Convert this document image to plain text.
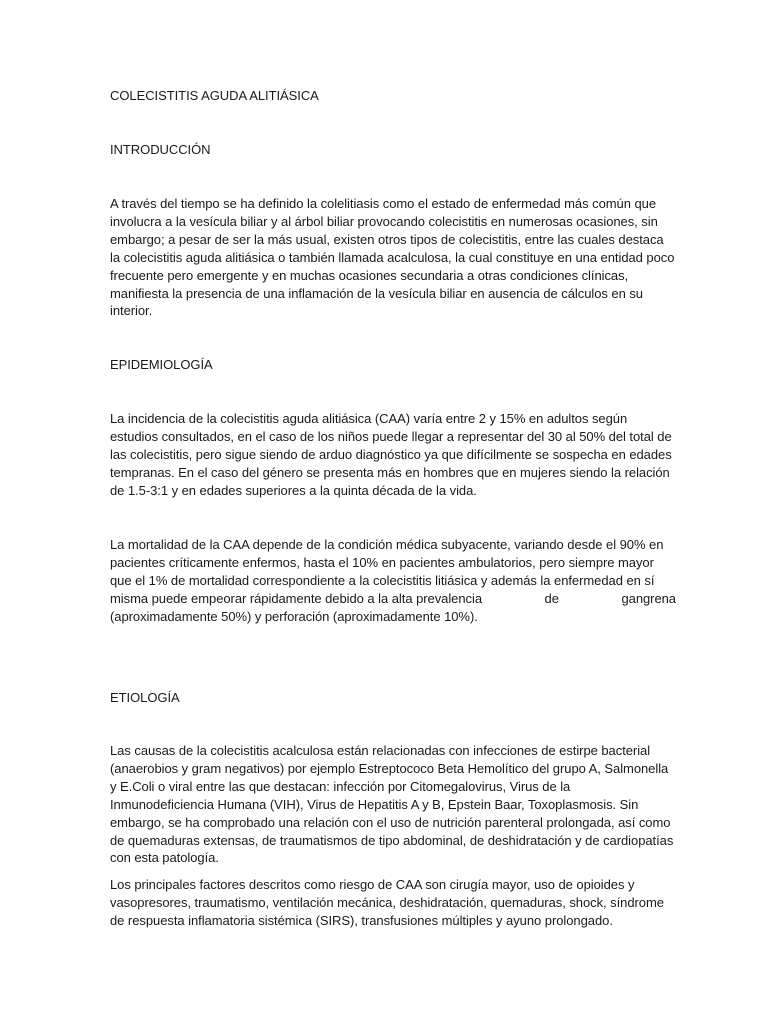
COLECISTITIS AGUDA ALITIÁSICA

INTRODUCCIÓN

A través del tiempo se ha definido la colelitiasis como el estado de enfermedad más común que involucra a la vesícula biliar y al árbol biliar provocando colecistitis en numerosas ocasiones, sin embargo; a pesar de ser la más usual, existen otros tipos de colecistitis, entre las cuales destaca la colecistitis aguda alitiásica o también llamada acalculosa, la cual constituye en una entidad poco frecuente pero emergente y en muchas ocasiones secundaria a otras condiciones clínicas, manifiesta la presencia de una inflamación de la vesícula biliar en ausencia de cálculos en su interior.

EPIDEMIOLOGÍA

La incidencia de la colecistitis aguda alitiásica (CAA) varía entre 2 y 15% en adultos según estudios consultados, en el caso de los niños puede llegar a representar del 30 al 50% del total de las colecistitis, pero sigue siendo de arduo diagnóstico ya que difícilmente se sospecha en edades tempranas. En el caso del género se presenta más en hombres que en mujeres siendo la relación de 1.5-3:1 y en edades superiores a la quinta década de la vida.

La mortalidad de la CAA depende de la condición médica subyacente, variando desde el 90% en
pacientes críticamente enfermos, hasta el 10% en pacientes ambulatorios, pero siempre mayor
que el 1% de mortalidad correspondiente a la colecistitis litiásica y además la enfermedad en sí
misma puede empeorar rápidamente debido a la alta prevalencia	de	gangrena
(aproximadamente 50%) y perforación (aproximadamente 10%).

ETIOLOGÍA

Las causas de la colecistitis acalculosa están relacionadas con infecciones de estirpe bacterial (anaerobios y gram negativos) por ejemplo Estreptococo Beta Hemolítico del grupo A, Salmonella y E.Coli o viral entre las que destacan: infección por Citomegalovirus, Virus de la Inmunodeficiencia Humana (VIH), Virus de Hepatitis A y B, Epstein Baar, Toxoplasmosis. Sin embargo, se ha comprobado una relación con el uso de nutrición parenteral prolongada, así como de quemaduras extensas, de traumatismos de tipo abdominal, de deshidratación y de cardiopatías con esta patología.

Los principales factores descritos como riesgo de CAA son cirugía mayor, uso de opioides y vasopresores, traumatismo, ventilación mecánica, deshidratación, quemaduras, shock, síndrome de respuesta inflamatoria sistémica (SIRS), transfusiones múltiples y ayuno prolongado.
